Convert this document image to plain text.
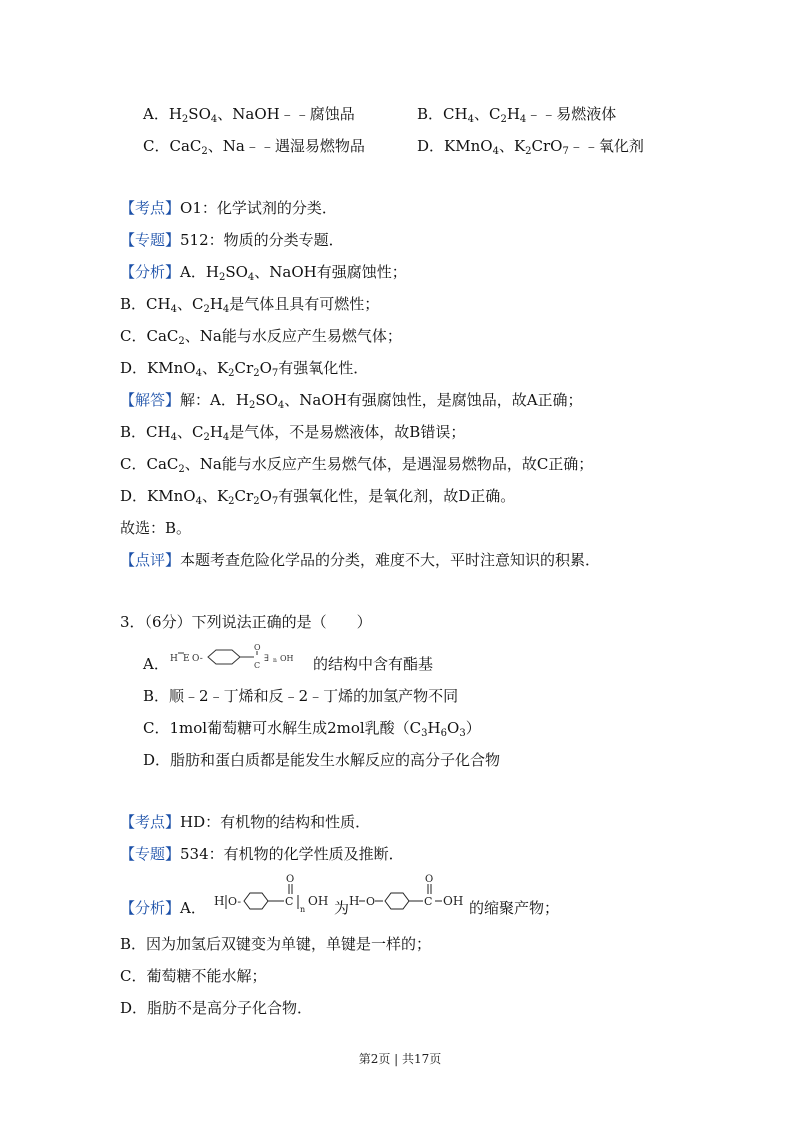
A．$H_2SO_4$、NaOH﹣﹣腐蚀品	B．$CH_4$、$C_2H_4﹣﹣$易燃液体
C．CaC$_2$、Na﹣﹣遇湿易燃物品	D．KMnO$_4$、$K_2CrO_7﹣﹣$氧化剂
【考点】O1：化学试剂的分类．
【专题】512：物质的分类专题．
【分析】A．$H_2SO_4$、NaOH有强腐蚀性；
B．$CH_4$、$C_2H_4$是气体且具有可燃性；
C．CaC$_2$、Na能与水反应产生易燃气体；
D．KMnO$_4$、$K_2Cr_2O_7$有强氧化性．
【解答】解：A．$H_2SO_4$、NaOH有强腐蚀性，是腐蚀品，故A正确；
B．$CH_4$、$C_2H_4$是气体，不是易燃液体，故B错误；
C．CaC$_2$、Na能与水反应产生易燃气体，是遇湿易燃物品，故C正确；
D．KMnO$_4$、$K_2Cr_2O_7$有强氧化性，是氧化剂，故D正确。
故选：B。
【点评】本题考查危险化学品的分类，难度不大，平时注意知识的积累．
3．（6分）下列说法正确的是（　　）
A． H E O-
O
C
∃ n OH 的结构中含有酯基
B．顺﹣2﹣丁烯和反﹣2﹣丁烯的加氢产物不同
C．1mol葡萄糖可水解生成2mol乳酸$(C_3H_6O_3)$
D．脂肪和蛋白质都是能发生水解反应的高分子化合物
【考点】HD：有机物的结构和性质．
【专题】534：有机物的化学性质及推断．
【分析】A． H O-	C
O
n
OH 为 H O	C
O
OH 的缩聚产物；
B．因为加氢后双键变为单键，单键是一样的；
C．葡萄糖不能水解；
D．脂肪不是高分子化合物．
第2页 | 共17页
